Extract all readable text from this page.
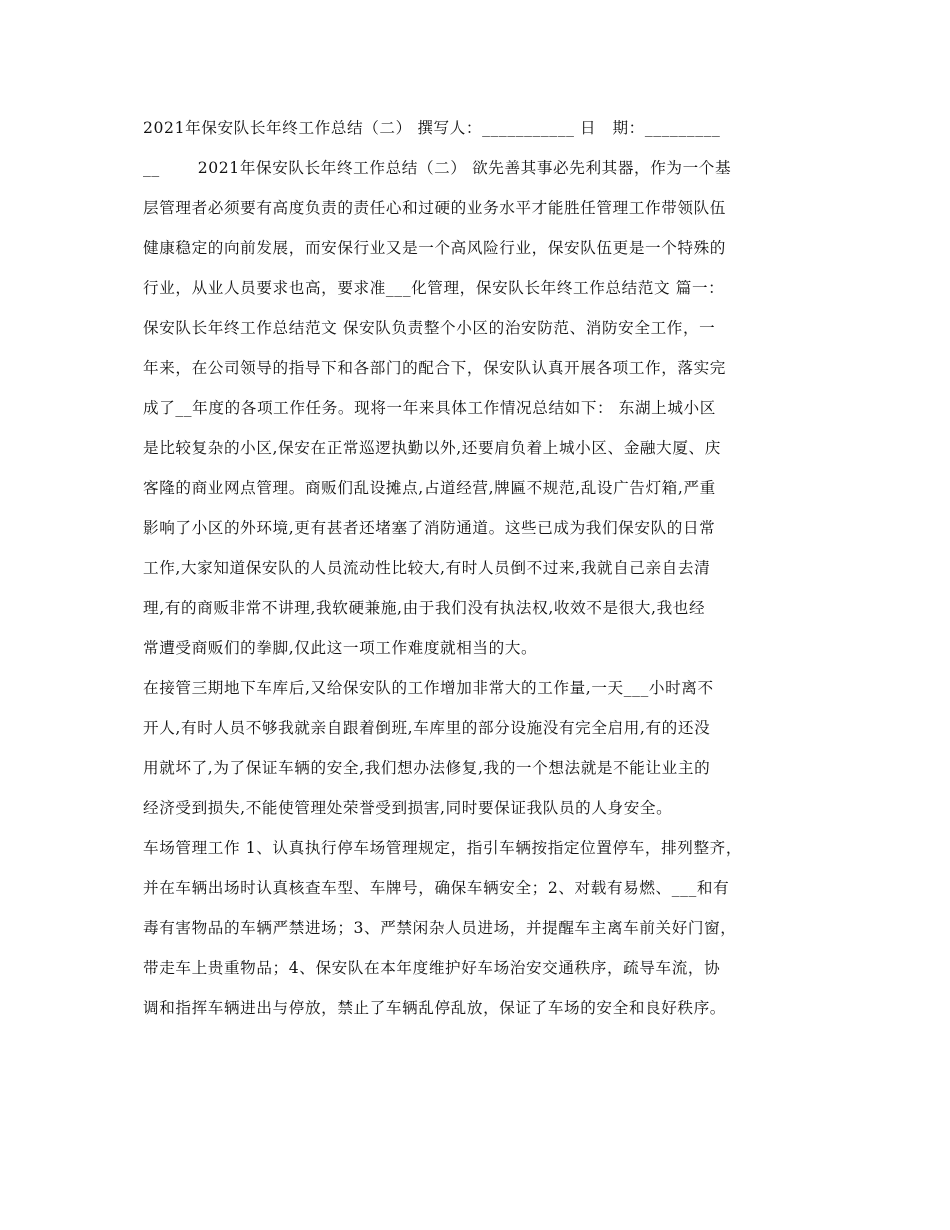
2021年保安队长年终工作总结（二） 撰写人：___________ 日　期：_________
__　　 2021年保安队长年终工作总结（二） 欲先善其事必先利其器，作为一个基
层管理者必须要有高度负责的责任心和过硬的业务水平才能胜任管理工作带领队伍
健康稳定的向前发展，而安保行业又是一个高风险行业，保安队伍更是一个特殊的
行业，从业人员要求也高，要求准___化管理，保安队长年终工作总结范文 篇一：
保安队长年终工作总结范文 保安队负责整个小区的治安防范、消防安全工作，一
年来，在公司领导的指导下和各部门的配合下，保安队认真开展各项工作，落实完
成了__年度的各项工作任务。现将一年来具体工作情况总结如下： 东湖上城小区
是比较复杂的小区,保安在正常巡逻执勤以外,还要肩负着上城小区、金融大厦、庆
客隆的商业网点管理。商贩们乱设摊点,占道经营,牌匾不规范,乱设广告灯箱,严重
影响了小区的外环境,更有甚者还堵塞了消防通道。这些已成为我们保安队的日常
工作,大家知道保安队的人员流动性比较大,有时人员倒不过来,我就自己亲自去清
理,有的商贩非常不讲理,我软硬兼施,由于我们没有执法权,收效不是很大,我也经
常遭受商贩们的拳脚,仅此这一项工作难度就相当的大。
在接管三期地下车库后,又给保安队的工作增加非常大的工作量,一天___小时离不
开人,有时人员不够我就亲自跟着倒班,车库里的部分设施没有完全启用,有的还没
用就坏了,为了保证车辆的安全,我们想办法修复,我的一个想法就是不能让业主的
经济受到损失,不能使管理处荣誉受到损害,同时要保证我队员的人身安全。
车场管理工作 1、认真执行停车场管理规定，指引车辆按指定位置停车，排列整齐，
并在车辆出场时认真核查车型、车牌号，确保车辆安全；2、对载有易燃、___和有
毒有害物品的车辆严禁进场；3、严禁闲杂人员进场，并提醒车主离车前关好门窗，
带走车上贵重物品；4、保安队在本年度维护好车场治安交通秩序，疏导车流，协
调和指挥车辆进出与停放，禁止了车辆乱停乱放，保证了车场的安全和良好秩序。
